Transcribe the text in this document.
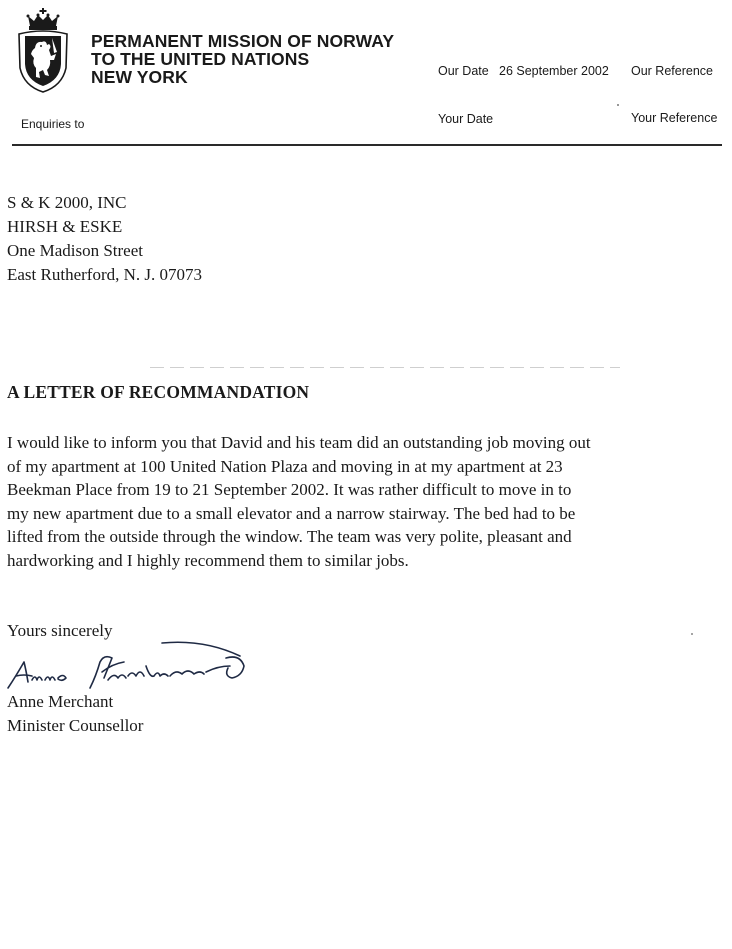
PERMANENT MISSION OF NORWAY
TO THE UNITED NATIONS
NEW YORK	Our Date 26 September 2002 Our Reference
Enquiries to	Your Date	Your Reference
S & K 2000, INC
HIRSH & ESKE
One Madison Street
East Rutherford, N. J. 07073
A LETTER OF RECOMMANDATION
I would like to inform you that David and his team did an outstanding job moving out
of my apartment at 100 United Nation Plaza and moving in at my apartment at 23
Beekman Place from 19 to 21 September 2002. It was rather difficult to move in to
my new apartment due to a small elevator and a narrow stairway. The bed had to be
lifted from the outside through the window. The team was very polite, pleasant and
hardworking and I highly recommend them to similar jobs.
Yours sincerely
Anne Merchant
Minister Counsellor
